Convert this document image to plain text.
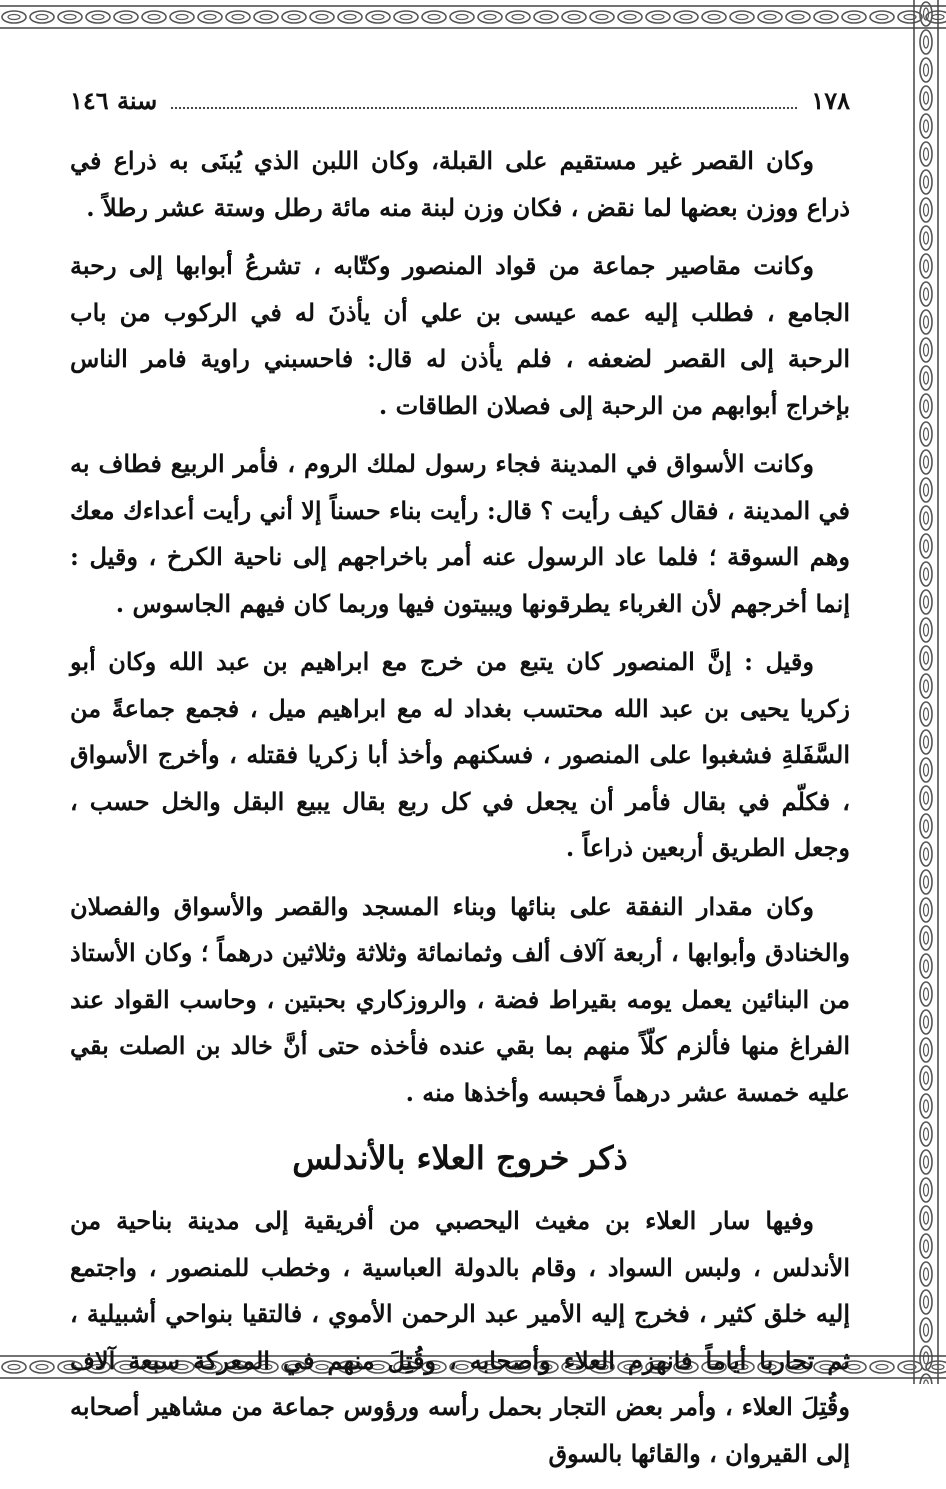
١٧٨
سنة ١٤٦

وكان القصر غير مستقيم على القبلة، وكان اللبن الذي يُبنَى به ذراع في ذراع ووزن بعضها لما نقض ، فكان وزن لبنة منه مائة رطل وستة عشر رطلاً .

وكانت مقاصير جماعة من قواد المنصور وكتّابه ، تشرعُ أبوابها إلى رحبة الجامع ، فطلب إليه عمه عيسى بن علي أن يأذنَ له في الركوب من باب الرحبة إلى القصر لضعفه ، فلم يأذن له قال: فاحسبني راوية فامر الناس بإخراج أبوابهم من الرحبة إلى فصلان الطاقات .

وكانت الأسواق في المدينة فجاء رسول لملك الروم ، فأمر الربيع فطاف به في المدينة ، فقال كيف رأيت ؟ قال: رأيت بناء حسناً إلا أني رأيت أعداءك معك وهم السوقة ؛ فلما عاد الرسول عنه أمر باخراجهم إلى ناحية الكرخ ، وقيل : إنما أخرجهم لأن الغرباء يطرقونها ويبيتون فيها وربما كان فيهم الجاسوس .

وقيل : إنَّ المنصور كان يتبع من خرج مع ابراهيم بن عبد الله وكان أبو زكريا يحيى بن عبد الله محتسب بغداد له مع ابراهيم ميل ، فجمع جماعةً من السَّفَلةِ فشغبوا على المنصور ، فسكنهم وأخذ أبا زكريا فقتله ، وأخرج الأسواق ، فكلّم في بقال فأمر أن يجعل في كل ربع بقال يبيع البقل والخل حسب ، وجعل الطريق أربعين ذراعاً .

وكان مقدار النفقة على بنائها وبناء المسجد والقصر والأسواق والفصلان والخنادق وأبوابها ، أربعة آلاف ألف وثمانمائة وثلاثة وثلاثين درهماً ؛ وكان الأستاذ من البنائين يعمل يومه بقيراط فضة ، والروزكاري بحبتين ، وحاسب القواد عند الفراغ منها فألزم كلّاً منهم بما بقي عنده فأخذه حتى أنَّ خالد بن الصلت بقي عليه خمسة عشر درهماً فحبسه وأخذها منه .

ذكر خروج العلاء بالأندلس

وفيها سار العلاء بن مغيث اليحصبي من أفريقية إلى مدينة بناحية من الأندلس ، ولبس السواد ، وقام بالدولة العباسية ، وخطب للمنصور ، واجتمع إليه خلق كثير ، فخرج إليه الأمير عبد الرحمن الأموي ، فالتقيا بنواحي أشبيلية ، ثم تحاربا أياماً فانهزم العلاء وأصحابه ، وقُتِلَ منهم في المعركة سبعة آلاف وقُتِلَ العلاء ، وأمر بعض التجار بحمل رأسه ورؤوس جماعة من مشاهير أصحابه إلى القيروان ، والقائها بالسوق
